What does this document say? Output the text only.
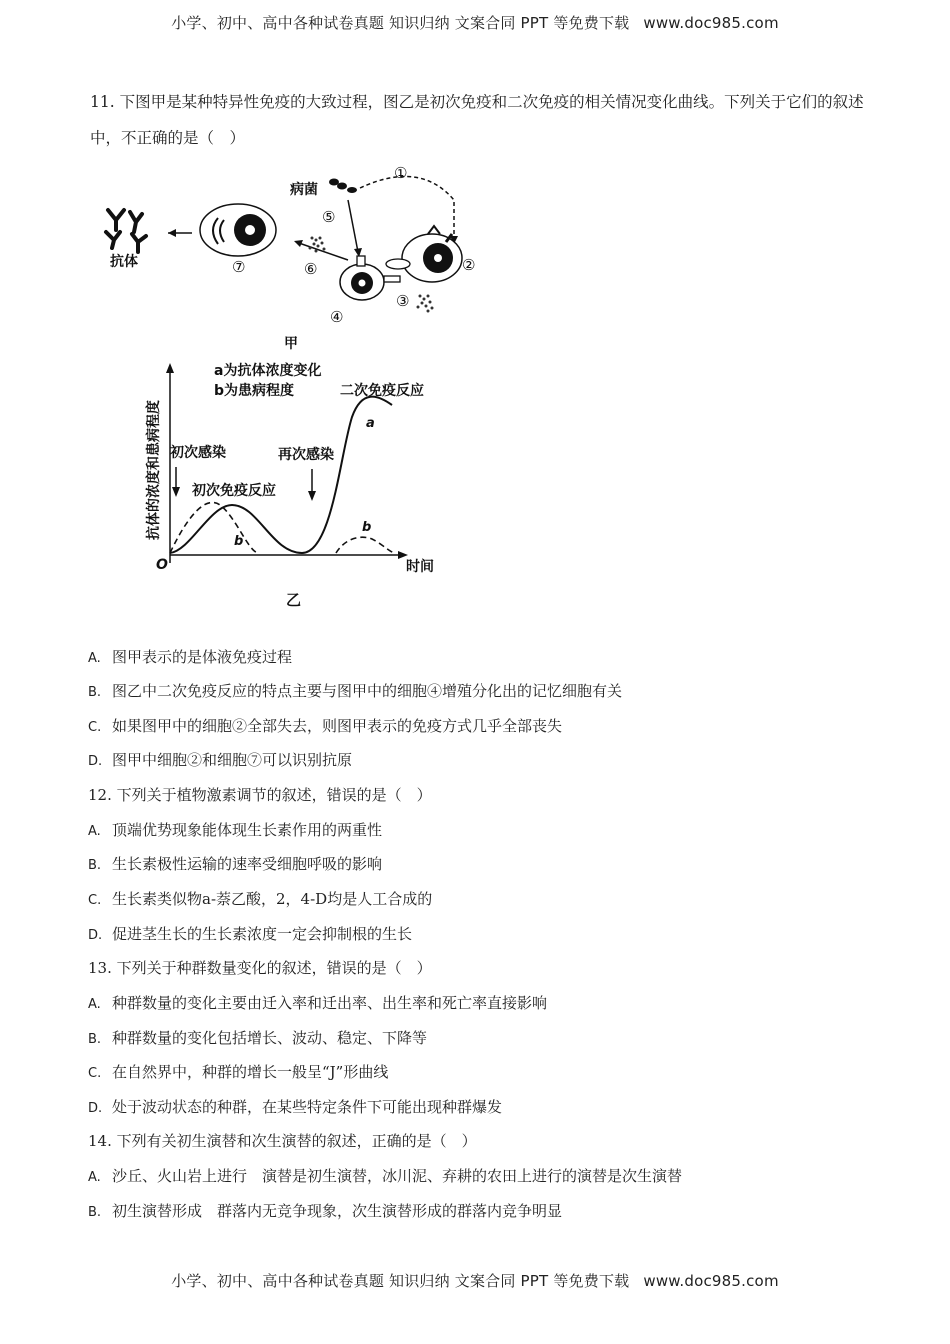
小学、初中、高中各种试卷真题 知识归纳 文案合同 PPT 等免费下载 www.doc985.com
11. 下图甲是某种特异性免疫的大致过程，图乙是初次免疫和二次免疫的相关情况变化曲线。下列关于它们的叙述中，不正确的是（　）
抗体	⑦	⑥
病菌
①
⑤
④
②
③
甲
O	时间
抗体的浓度和患病程度
a为抗体浓度变化
b为患病程度	二次免疫反应
初次感染
初次免疫反应
再次感染
a
b
b
乙
A. 图甲表示的是体液免疫过程
B. 图乙中二次免疫反应的特点主要与图甲中的细胞④增殖分化出的记忆细胞有关
C. 如果图甲中的细胞②全部失去，则图甲表示的免疫方式几乎全部丧失
D. 图甲中细胞②和细胞⑦可以识别抗原
12. 下列关于植物激素调节的叙述，错误的是（　）
A. 顶端优势现象能体现生长素作用的两重性
B. 生长素极性运输的速率受细胞呼吸的影响
C. 生长素类似物a-萘乙酸，2，4-D均是人工合成的
D. 促进茎生长的生长素浓度一定会抑制根的生长
13. 下列关于种群数量变化的叙述，错误的是（　）
A. 种群数量的变化主要由迁入率和迁出率、出生率和死亡率直接影响
B. 种群数量的变化包括增长、波动、稳定、下降等
C. 在自然界中，种群的增长一般呈“J”形曲线
D. 处于波动状态的种群，在某些特定条件下可能出现种群爆发
14. 下列有关初生演替和次生演替的叙述，正确的是（　）
A. 沙丘、火山岩上进行　演替是初生演替，冰川泥、弃耕的农田上进行的演替是次生演替
B. 初生演替形成　群落内无竞争现象，次生演替形成的群落内竞争明显
小学、初中、高中各种试卷真题 知识归纳 文案合同 PPT 等免费下载 www.doc985.com
